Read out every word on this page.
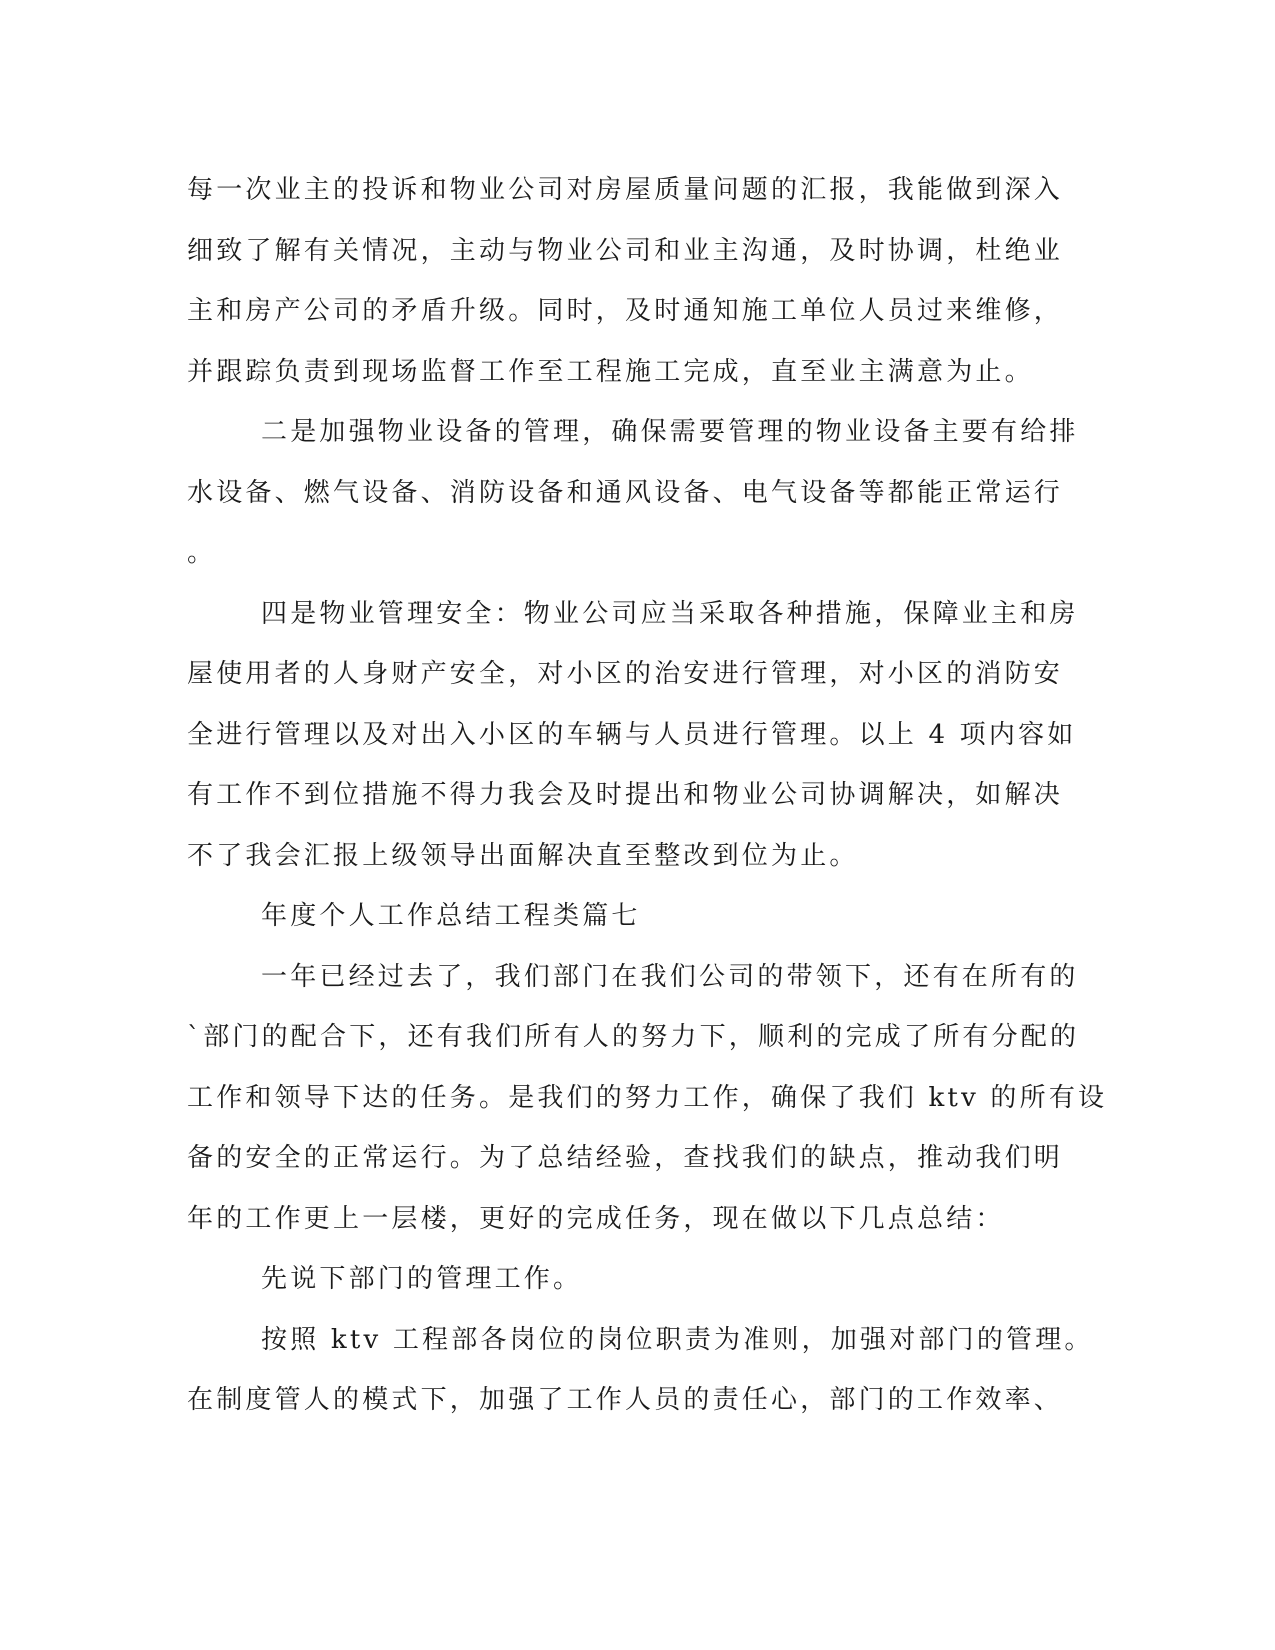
每一次业主的投诉和物业公司对房屋质量问题的汇报，我能做到深入
细致了解有关情况，主动与物业公司和业主沟通，及时协调，杜绝业
主和房产公司的矛盾升级。同时，及时通知施工单位人员过来维修，
并跟踪负责到现场监督工作至工程施工完成，直至业主满意为止。
二是加强物业设备的管理，确保需要管理的物业设备主要有给排
水设备、燃气设备、消防设备和通风设备、电气设备等都能正常运行
。
四是物业管理安全：物业公司应当采取各种措施，保障业主和房
屋使用者的人身财产安全，对小区的治安进行管理，对小区的消防安
全进行管理以及对出入小区的车辆与人员进行管理。以上 4 项内容如
有工作不到位措施不得力我会及时提出和物业公司协调解决，如解决
不了我会汇报上级领导出面解决直至整改到位为止。
年度个人工作总结工程类篇七
一年已经过去了，我们部门在我们公司的带领下，还有在所有的
`部门的配合下，还有我们所有人的努力下，顺利的完成了所有分配的
工作和领导下达的任务。是我们的努力工作，确保了我们 ktv 的所有设
备的安全的正常运行。为了总结经验，查找我们的缺点，推动我们明
年的工作更上一层楼，更好的完成任务，现在做以下几点总结：
先说下部门的管理工作。
按照 ktv 工程部各岗位的岗位职责为准则，加强对部门的管理。
在制度管人的模式下，加强了工作人员的责任心，部门的工作效率、
